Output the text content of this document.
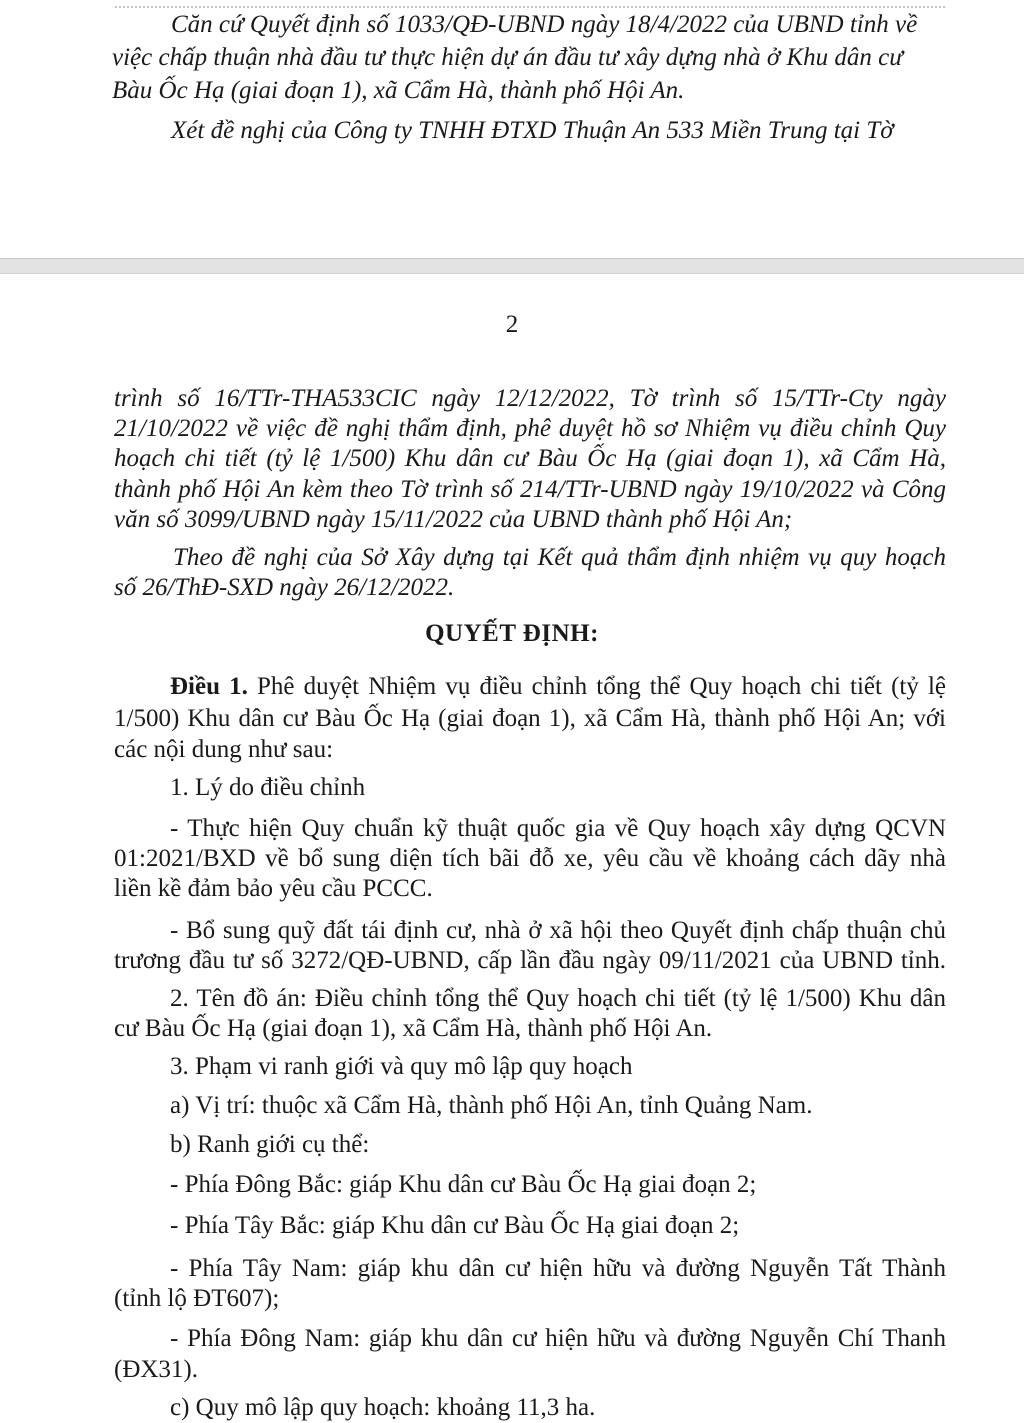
Căn cứ Quyết định số 1033/QĐ-UBND ngày 18/4/2022 của UBND tỉnh về
việc chấp thuận nhà đầu tư thực hiện dự án đầu tư xây dựng nhà ở Khu dân cư
Bàu Ốc Hạ (giai đoạn 1), xã Cẩm Hà, thành phố Hội An.
Xét đề nghị của Công ty TNHH ĐTXD Thuận An 533 Miền Trung tại Tờ
2
trình số 16/TTr-THA533CIC ngày 12/12/2022, Tờ trình số 15/TTr-Cty ngày
21/10/2022 về việc đề nghị thẩm định, phê duyệt hồ sơ Nhiệm vụ điều chỉnh Quy
hoạch chi tiết (tỷ lệ 1/500) Khu dân cư Bàu Ốc Hạ (giai đoạn 1), xã Cẩm Hà,
thành phố Hội An kèm theo Tờ trình số 214/TTr-UBND ngày 19/10/2022 và Công
văn số 3099/UBND ngày 15/11/2022 của UBND thành phố Hội An;
Theo đề nghị của Sở Xây dựng tại Kết quả thẩm định nhiệm vụ quy hoạch
số 26/ThĐ-SXD ngày 26/12/2022.
QUYẾT ĐỊNH:
Điều 1. Phê duyệt Nhiệm vụ điều chỉnh tổng thể Quy hoạch chi tiết (tỷ lệ
1/500) Khu dân cư Bàu Ốc Hạ (giai đoạn 1), xã Cẩm Hà, thành phố Hội An; với
các nội dung như sau:
1. Lý do điều chỉnh
- Thực hiện Quy chuẩn kỹ thuật quốc gia về Quy hoạch xây dựng QCVN
01:2021/BXD về bổ sung diện tích bãi đỗ xe, yêu cầu về khoảng cách dãy nhà
liền kề đảm bảo yêu cầu PCCC.
- Bổ sung quỹ đất tái định cư, nhà ở xã hội theo Quyết định chấp thuận chủ
trương đầu tư số 3272/QĐ-UBND, cấp lần đầu ngày 09/11/2021 của UBND tỉnh.
2. Tên đồ án: Điều chỉnh tổng thể Quy hoạch chi tiết (tỷ lệ 1/500) Khu dân
cư Bàu Ốc Hạ (giai đoạn 1), xã Cẩm Hà, thành phố Hội An.
3. Phạm vi ranh giới và quy mô lập quy hoạch
a) Vị trí: thuộc xã Cẩm Hà, thành phố Hội An, tỉnh Quảng Nam.
b) Ranh giới cụ thể:
- Phía Đông Bắc: giáp Khu dân cư Bàu Ốc Hạ giai đoạn 2;
- Phía Tây Bắc: giáp Khu dân cư Bàu Ốc Hạ giai đoạn 2;
- Phía Tây Nam: giáp khu dân cư hiện hữu và đường Nguyễn Tất Thành
(tỉnh lộ ĐT607);
- Phía Đông Nam: giáp khu dân cư hiện hữu và đường Nguyễn Chí Thanh
(ĐX31).
c) Quy mô lập quy hoạch: khoảng 11,3 ha.
